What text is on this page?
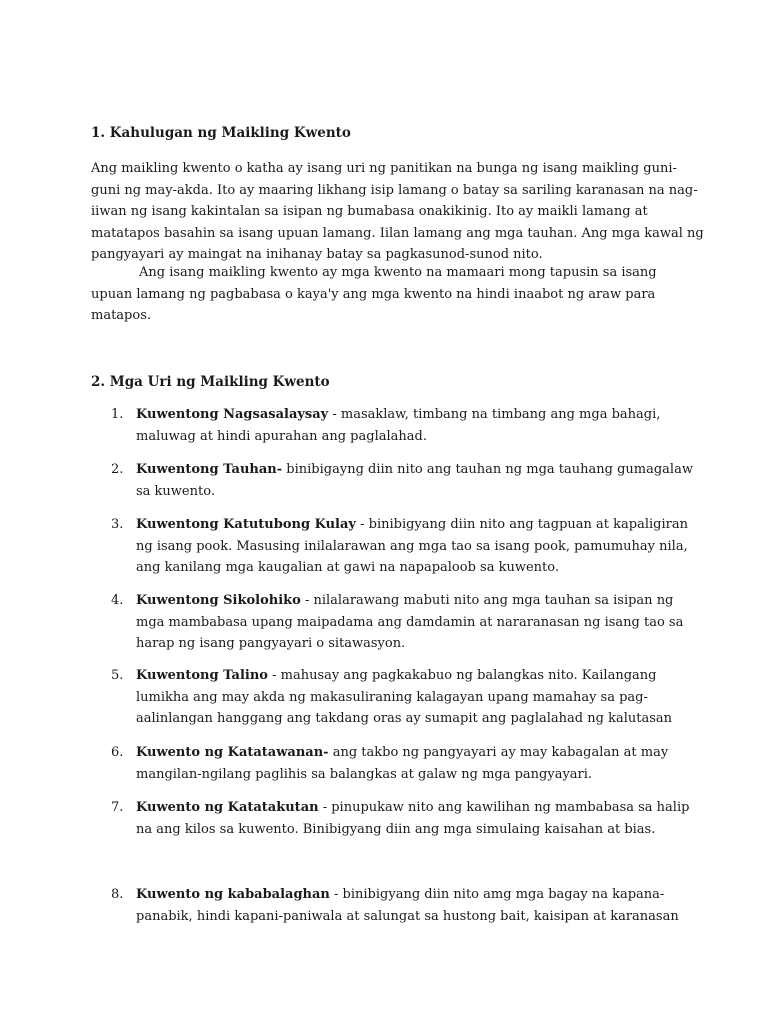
1. Kahulugan ng Maikling Kwento
Ang maikling kwento o katha ay isang uri ng panitikan na bunga ng isang maikling guni-
guni ng may-akda. Ito ay maaring likhang isip lamang o batay sa sariling karanasan na nag-
iiwan ng isang kakintalan sa isipan ng bumabasa onakikinig. Ito ay maikli lamang at
matatapos basahin sa isang upuan lamang. Iilan lamang ang mga tauhan. Ang mga kawal ng
pangyayari ay maingat na inihanay batay sa pagkasunod-sunod nito.
Ang isang maikling kwento ay mga kwento na mamaari mong tapusin sa isang
upuan lamang ng pagbabasa o kaya'y ang mga kwento na hindi inaabot ng araw para
matapos.
2. Mga Uri ng Maikling Kwento
1. Kuwentong Nagsasalaysay - masaklaw, timbang na timbang ang mga bahagi,
maluwag at hindi apurahan ang paglalahad.
2. Kuwentong Tauhan- binibigayng diin nito ang tauhan ng mga tauhang gumagalaw
sa kuwento.
3. Kuwentong Katutubong Kulay - binibigyang diin nito ang tagpuan at kapaligiran
ng isang pook. Masusing inilalarawan ang mga tao sa isang pook, pamumuhay nila,
ang kanilang mga kaugalian at gawi na napapaloob sa kuwento.
4. Kuwentong Sikolohiko - nilalarawang mabuti nito ang mga tauhan sa isipan ng
mga mambabasa upang maipadama ang damdamin at nararanasan ng isang tao sa
harap ng isang pangyayari o sitawasyon.
5. Kuwentong Talino - mahusay ang pagkakabuo ng balangkas nito. Kailangang
lumikha ang may akda ng makasuliraning kalagayan upang mamahay sa pag-
aalinlangan hanggang ang takdang oras ay sumapit ang paglalahad ng kalutasan
6. Kuwento ng Katatawanan- ang takbo ng pangyayari ay may kabagalan at may
mangilan-ngilang paglihis sa balangkas at galaw ng mga pangyayari.
7. Kuwento ng Katatakutan - pinupukaw nito ang kawilihan ng mambabasa sa halip
na ang kilos sa kuwento. Binibigyang diin ang mga simulaing kaisahan at bias.
8. Kuwento ng kababalaghan - binibigyang diin nito amg mga bagay na kapana-
panabik, hindi kapani-paniwala at salungat sa hustong bait, kaisipan at karanasan
